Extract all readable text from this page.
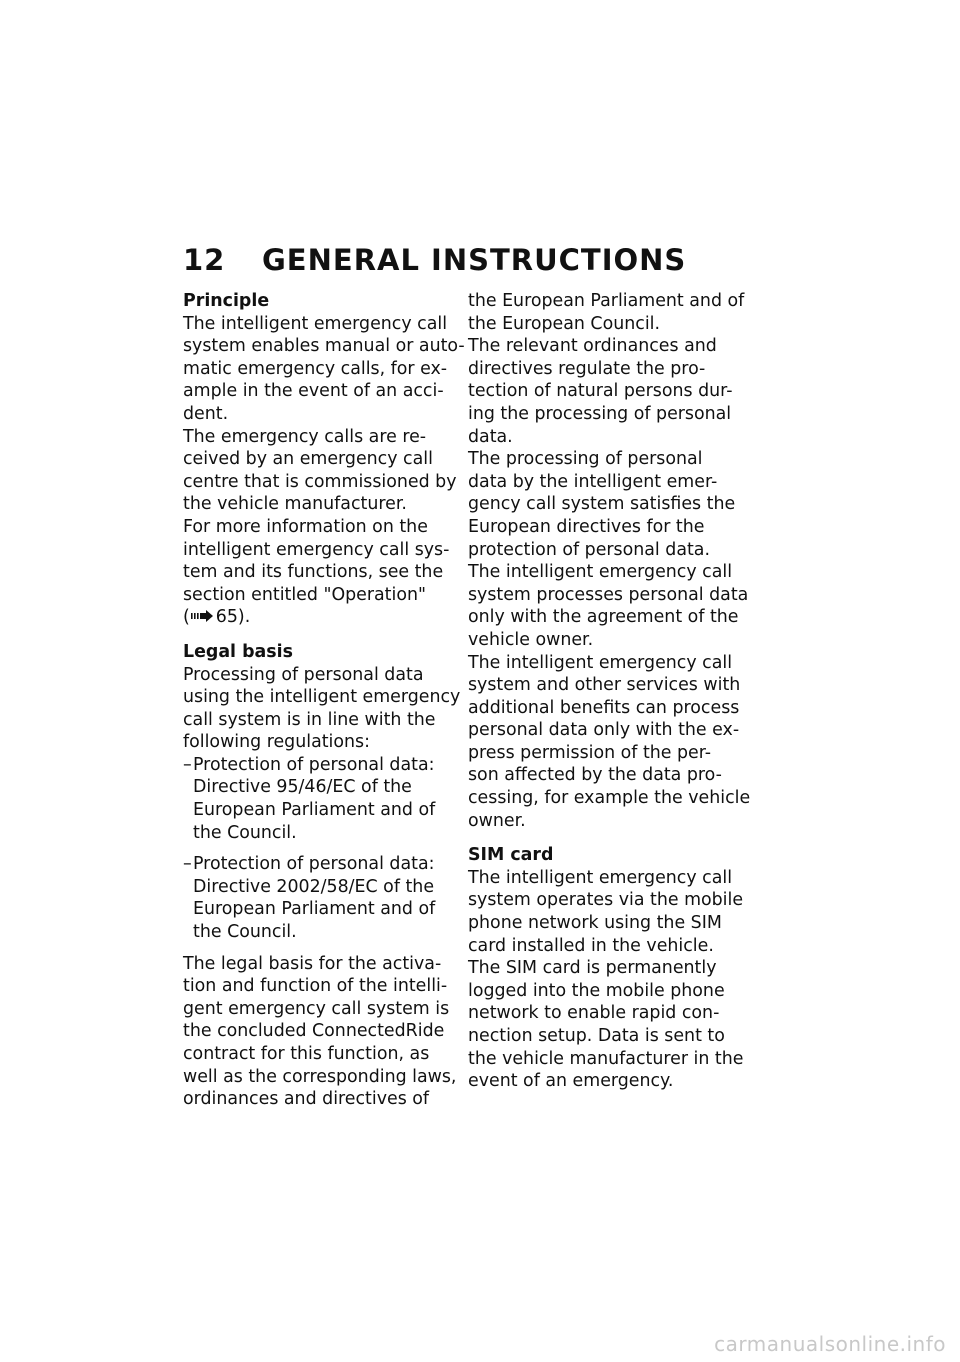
12 GENERAL INSTRUCTIONS

Principle

The intelligent emergency call

system enables manual or auto-

matic emergency calls, for ex-

ample in the event of an acci-

dent.

The emergency calls are re-

ceived by an emergency call

centre that is commissioned by

the vehicle manufacturer.

For more information on the

intelligent emergency call sys-

tem and its functions, see the

section entitled "Operation"

( 65).

Legal basis

Processing of personal data

using the intelligent emergency

call system is in line with the

following regulations:

– Protection of personal data:

Directive 95/46/EC of the

European Parliament and of

the Council.

– Protection of personal data:

Directive 2002/58/EC of the

European Parliament and of

the Council.

The legal basis for the activa-

tion and function of the intelli-

gent emergency call system is

the concluded ConnectedRide

contract for this function, as

well as the corresponding laws,

ordinances and directives of

the European Parliament and of

the European Council.

The relevant ordinances and

directives regulate the pro-

tection of natural persons dur-

ing the processing of personal

data.

The processing of personal

data by the intelligent emer-

gency call system satisfies the

European directives for the

protection of personal data.

The intelligent emergency call

system processes personal data

only with the agreement of the

vehicle owner.

The intelligent emergency call

system and other services with

additional benefits can process

personal data only with the ex-

press permission of the per-

son affected by the data pro-

cessing, for example the vehicle

owner.

SIM card

The intelligent emergency call

system operates via the mobile

phone network using the SIM

card installed in the vehicle.

The SIM card is permanently

logged into the mobile phone

network to enable rapid con-

nection setup. Data is sent to

the vehicle manufacturer in the

event of an emergency.

carmanualsonline.info
